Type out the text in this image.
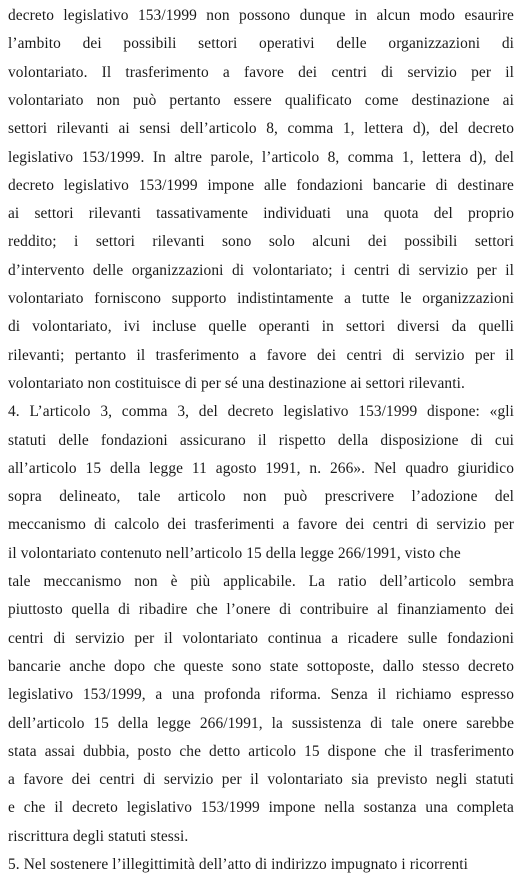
decreto legislativo 153/1999 non possono dunque in alcun modo esaurire
l’ambito dei possibili settori operativi delle organizzazioni di
volontariato. Il trasferimento a favore dei centri di servizio per il
volontariato non può pertanto essere qualificato come destinazione ai
settori rilevanti ai sensi dell’articolo 8, comma 1, lettera d), del decreto
legislativo 153/1999. In altre parole, l’articolo 8, comma 1, lettera d), del
decreto legislativo 153/1999 impone alle fondazioni bancarie di destinare
ai settori rilevanti tassativamente individuati una quota del proprio
reddito; i settori rilevanti sono solo alcuni dei possibili settori
d’intervento delle organizzazioni di volontariato; i centri di servizio per il
volontariato forniscono supporto indistintamente a tutte le organizzazioni
di volontariato, ivi incluse quelle operanti in settori diversi da quelli
rilevanti; pertanto il trasferimento a favore dei centri di servizio per il
volontariato non costituisce di per sé una destinazione ai settori rilevanti.
4. L’articolo 3, comma 3, del decreto legislativo 153/1999 dispone: «gli
statuti delle fondazioni assicurano il rispetto della disposizione di cui
all’articolo 15 della legge 11 agosto 1991, n. 266». Nel quadro giuridico
sopra delineato, tale articolo non può prescrivere l’adozione del
meccanismo di calcolo dei trasferimenti a favore dei centri di servizio per
il volontariato contenuto nell’articolo 15 della legge 266/1991, visto che
tale meccanismo non è più applicabile. La ratio dell’articolo sembra
piuttosto quella di ribadire che l’onere di contribuire al finanziamento dei
centri di servizio per il volontariato continua a ricadere sulle fondazioni
bancarie anche dopo che queste sono state sottoposte, dallo stesso decreto
legislativo 153/1999, a una profonda riforma. Senza il richiamo espresso
dell’articolo 15 della legge 266/1991, la sussistenza di tale onere sarebbe
stata assai dubbia, posto che detto articolo 15 dispone che il trasferimento
a favore dei centri di servizio per il volontariato sia previsto negli statuti
e che il decreto legislativo 153/1999 impone nella sostanza una completa
riscrittura degli statuti stessi.
5. Nel sostenere l’illegittimità dell’atto di indirizzo impugnato i ricorrenti
